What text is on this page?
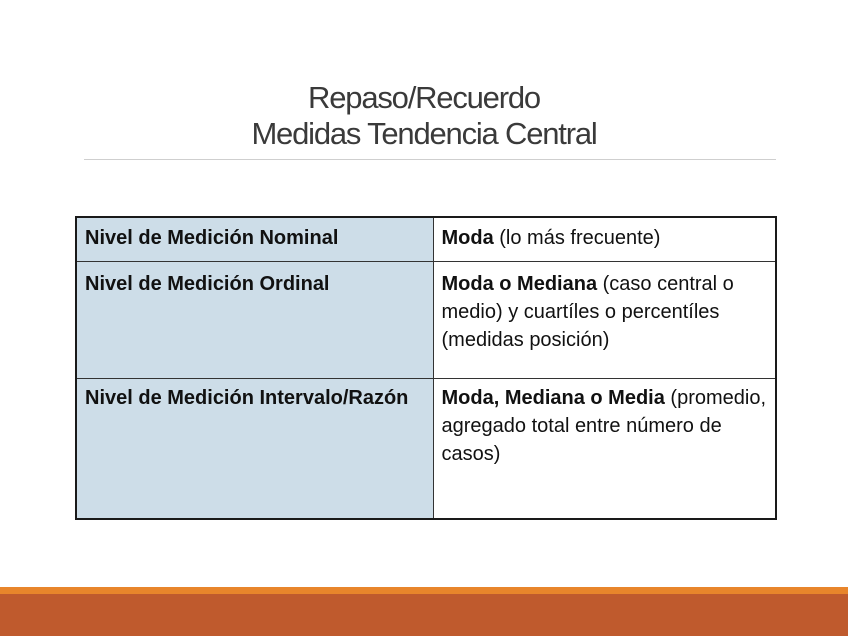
Repaso/Recuerdo
Medidas Tendencia Central
Nivel de Medición Nominal	Moda (lo más frecuente)
Nivel de Medición Ordinal	Moda o Mediana (caso central o medio) y cuartíles o percentíles (medidas posición)
Nivel de Medición Intervalo/Razón	Moda, Mediana o Media (promedio, agregado total entre número de casos)
